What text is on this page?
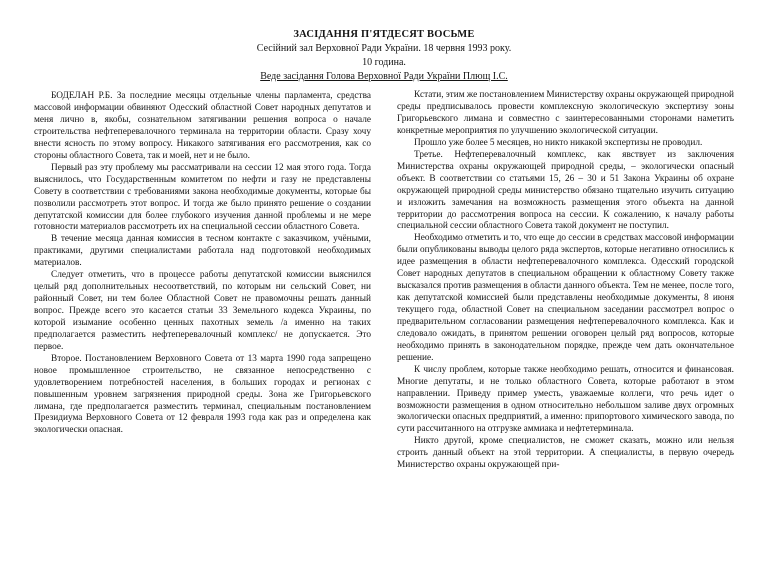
ЗАСІДАННЯ П'ЯТДЕСЯТ ВОСЬМЕ
Сесійний зал Верховної Ради України. 18 червня 1993 року.
10 година.
Веде засідання Голова Верховної Ради України Плющ І.С.

БОДЕЛАН Р.Б. За последние месяцы отдельные члены парламента, средства массовой информации обвиняют Одесский областной Совет народных депутатов и меня лично в, якобы, сознательном затягивании решения вопроса о начале строительства нефтеперевалочного терминала на территории области. Сразу хочу внести ясность по этому вопросу. Никакого затягивания его рассмотрения, как со стороны областного Совета, так и моей, нет и не было.

Первый раз эту проблему мы рассматривали на сессии 12 мая этого года. Тогда выяснилось, что Государственным комитетом по нефти и газу не представлены Совету в соответствии с требованиями закона необходимые документы, которые бы позволили рассмотреть этот вопрос. И тогда же было принято решение о создании депутатской комиссии для более глубокого изучения данной проблемы и не мере готовности материалов рассмотреть их на специальной сессии областного Совета.

В течение месяца данная комиссия в тесном контакте с заказчиком, учёными, практиками, другими специалистами работала над подготовкой необходимых материалов.

Следует отметить, что в процессе работы депутатской комиссии выяснился целый ряд дополнительных несоответствий, по которым ни сельский Совет, ни районный Совет, ни тем более Областной Совет не правомочны решать данный вопрос. Прежде всего это касается статьи 33 Земельного кодекса Украины, по которой изымание особенно ценных пахотных земель /а именно на таких предполагается разместить нефтеперевалочный комплекс/ не допускается. Это первое.

Второе. Постановлением Верховного Совета от 13 марта 1990 года запрещено новое промышленное строительство, не связанное непосредственно с удовлетворением потребностей населения, в больших городах и регионах с повышенным уровнем загрязнения природной среды. Зона же Григорьевского лимана, где предполагается разместить терминал, специальным постановлением Президиума Верховного Совета от 12 февраля 1993 года как раз и определена как экологически опасная.

Кстати, этим же постановлением Министерству охраны окружающей природной среды предписывалось провести комплексную экологическую экспертизу зоны Григорьевского лимана и совместно с заинтересованными сторонами наметить конкретные мероприятия по улучшению экологической ситуации.

Прошло уже более 5 месяцев, но никто никакой экспертизы не проводил.

Третье. Нефтеперевалочный комплекс, как явствует из заключения Министерства охраны окружающей природной среды, – экологически опасный объект. В соответствии со статьями 15, 26 – 30 и 51 Закона Украины об охране окружающей природной среды министерство обязано тщательно изучить ситуацию и изложить замечания на возможность размещения этого объекта на данной территории до рассмотрения вопроса на сессии. К сожалению, к началу работы специальной сессии областного Совета такой документ не поступил.

Необходимо отметить и то, что еще до сессии в средствах массовой информации были опубликованы выводы целого ряда экспертов, которые негативно относились к идее размещения в области нефтеперевалочного комплекса. Одесский городской Совет народных депутатов в специальном обращении к областному Совету также высказался против размещения в области данного объекта. Тем не менее, после того, как депутатской комиссией были представлены необходимые документы, 8 июня текущего года, областной Совет на специальном заседании рассмотрел вопрос о предварительном согласовании размещения нефтеперевалочного комплекса. Как и следовало ожидать, в принятом решении оговорен целый ряд вопросов, которые необходимо принять в законодательном порядке, прежде чем дать окончательное решение.

К числу проблем, которые также необходимо решать, относится и финансовая. Многие депутаты, и не только областного Совета, которые работают в этом направлении. Приведу пример уместь, уважаемые коллеги, что речь идет о возможности размещения в одном относительно небольшом заливе двух огромных экологически опасных предприятий, а именно: припортового химического завода, по сути рассчитанного на отгрузке аммиака и нефтетерминала.

Никто другой, кроме специалистов, не сможет сказать, можно или нельзя строить данный объект на этой территории. А специалисты, в первую очередь Министерство охраны окружающей при-
